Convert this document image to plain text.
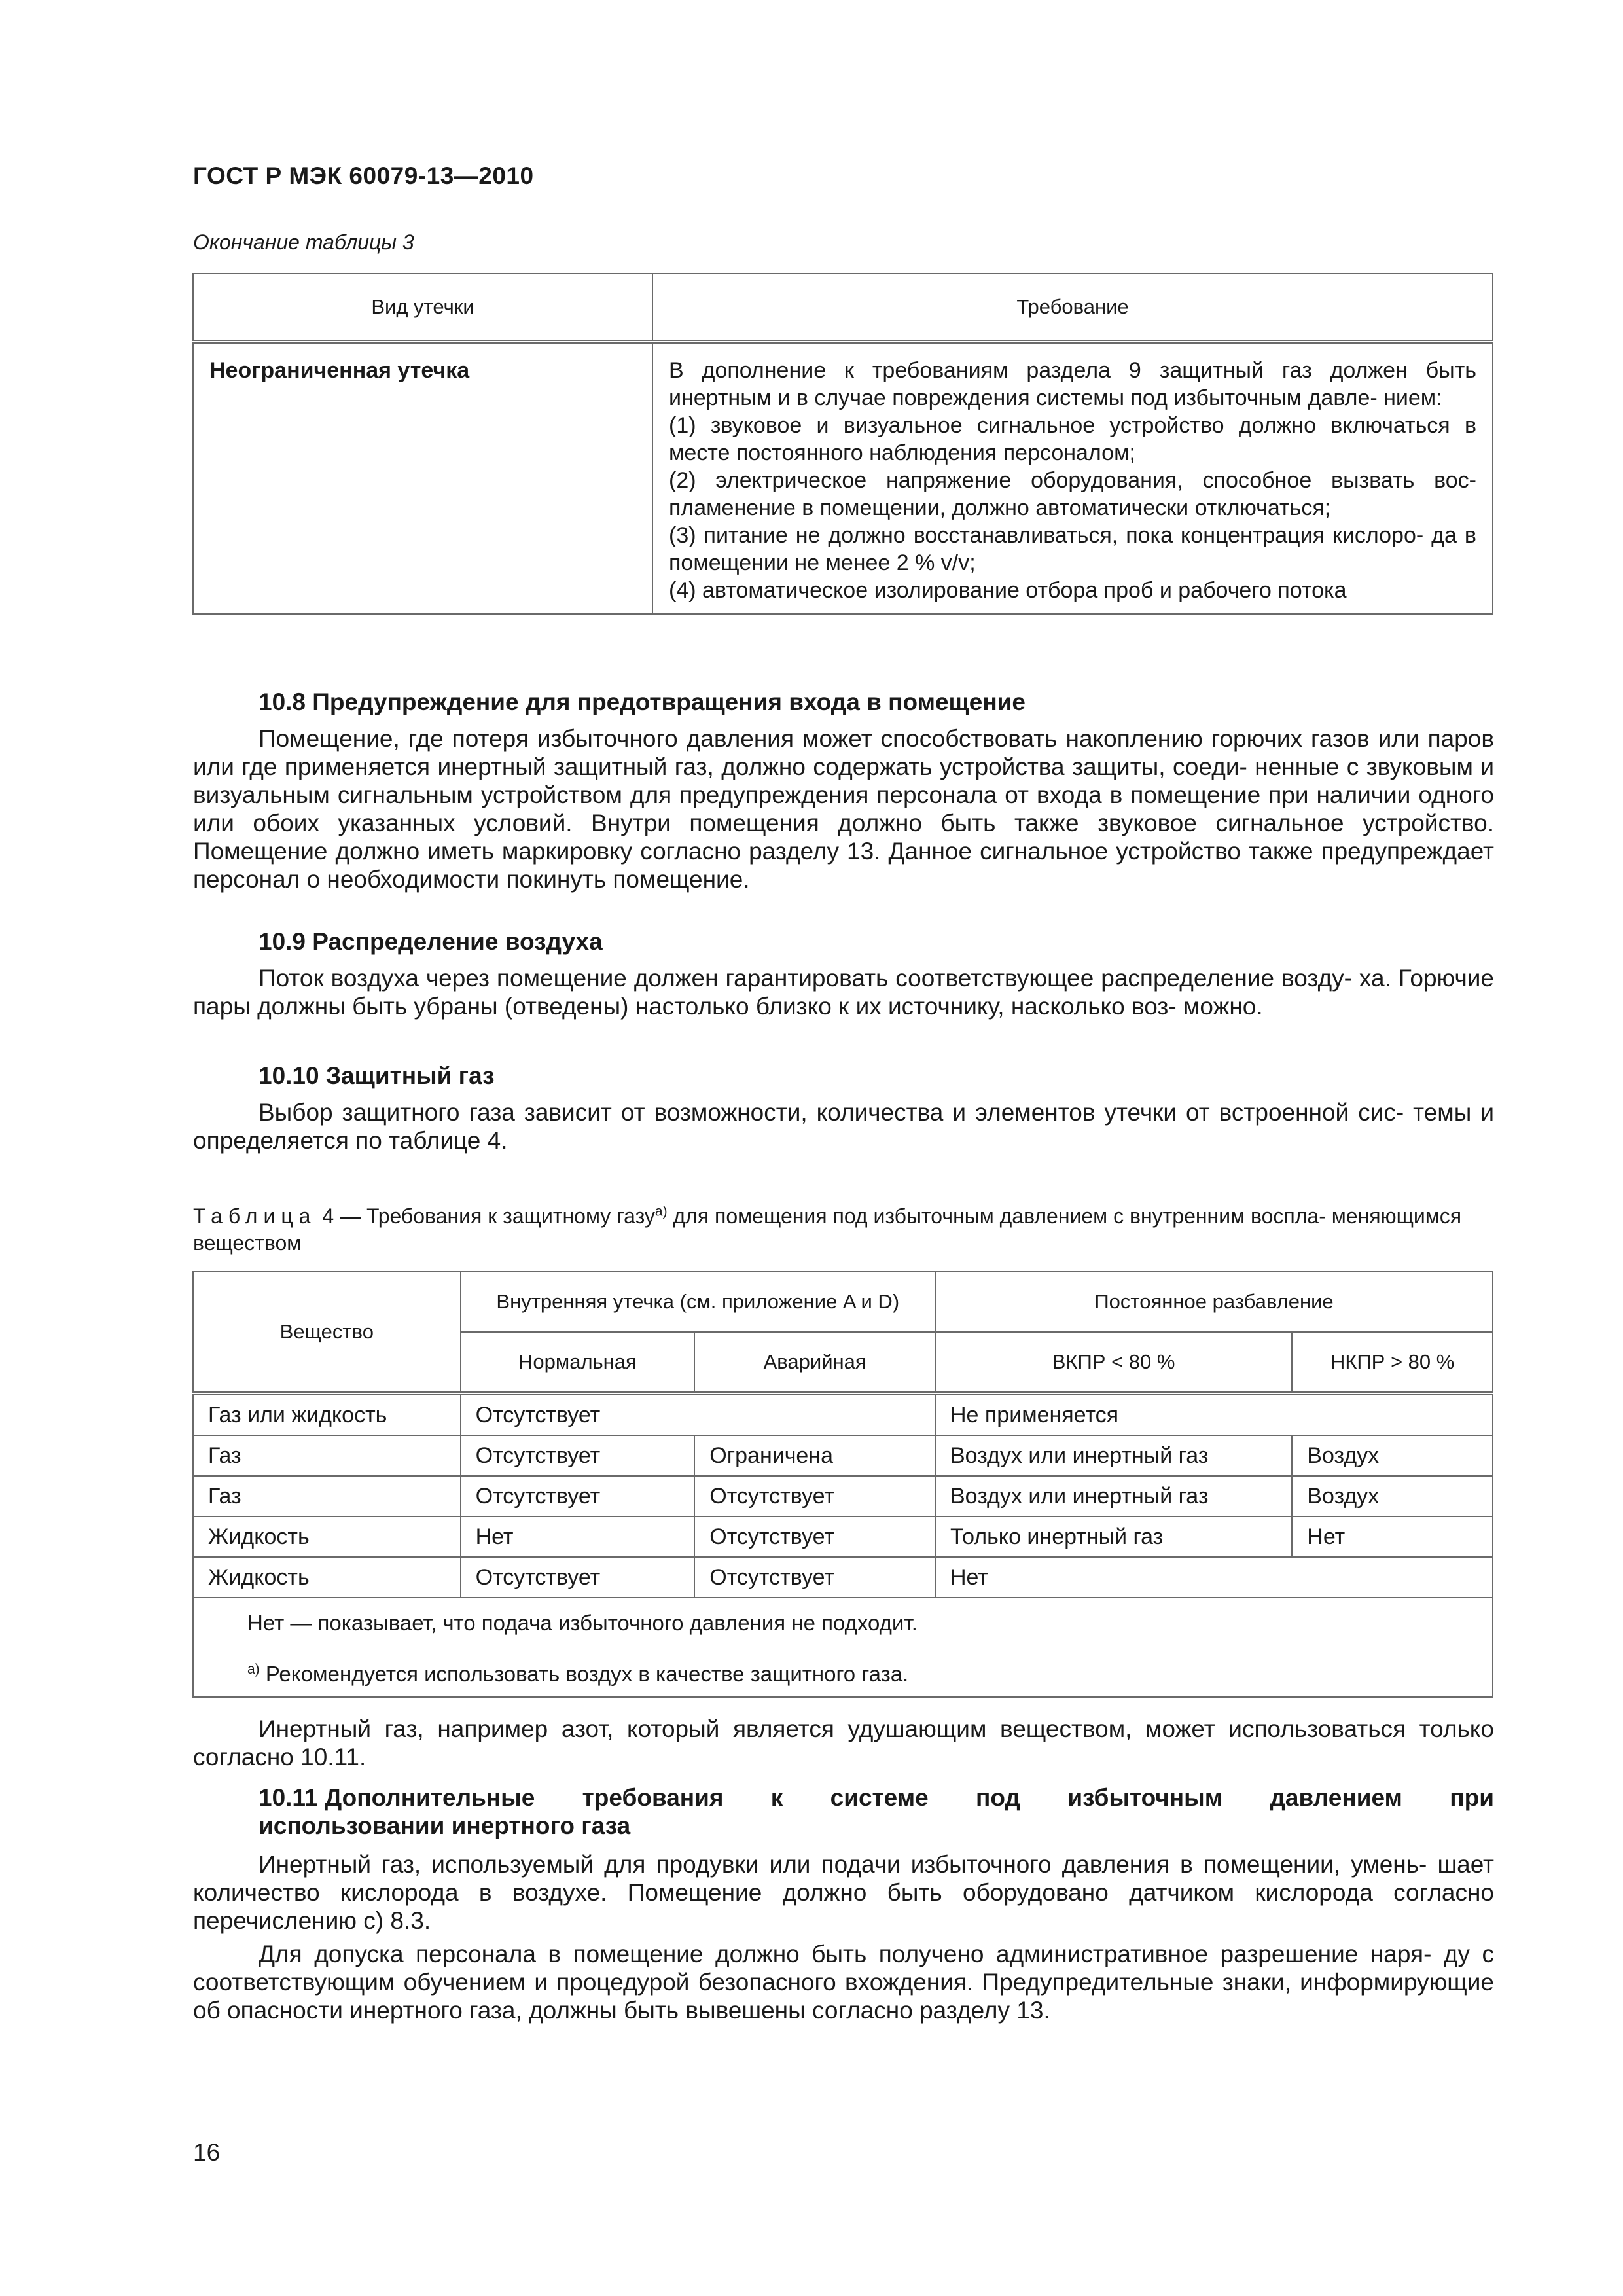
ГОСТ Р МЭК 60079-13—2010
Окончание таблицы 3
Вид утечки	Требование
Неограниченная утечка	В дополнение к требованиям раздела 9 защитный газ должен быть инертным и в случае повреждения системы под избыточным давле- нием:
(1) звуковое и визуальное сигнальное устройство должно включаться в месте постоянного наблюдения персоналом;
(2) электрическое напряжение оборудования, способное вызвать вос- пламенение в помещении, должно автоматически отключаться;
(3) питание не должно восстанавливаться, пока концентрация кислоро- да в помещении не менее 2 % v/v;
(4) автоматическое изолирование отбора проб и рабочего потока
10.8 Предупреждение для предотвращения входа в помещение

Помещение, где потеря избыточного давления может способствовать накоплению горючих газов или паров или где применяется инертный защитный газ, должно содержать устройства защиты, соеди- ненные с звуковым и визуальным сигнальным устройством для предупреждения персонала от входа в помещение при наличии одного или обоих указанных условий. Внутри помещения должно быть также звуковое сигнальное устройство. Помещение должно иметь маркировку согласно разделу 13. Данное сигнальное устройство также предупреждает персонал о необходимости покинуть помещение.

10.9 Распределение воздуха

Поток воздуха через помещение должен гарантировать соответствующее распределение возду- ха. Горючие пары должны быть убраны (отведены) настолько близко к их источнику, насколько воз- можно.

10.10 Защитный газ

Выбор защитного газа зависит от возможности, количества и элементов утечки от встроенной сис- темы и определяется по таблице 4.

Таблица 4 — Требования к защитному газу$^{а)}$ для помещения под избыточным давлением с внутренним воспла- меняющимся веществом
Вещество	Внутренняя утечка (см. приложение A и D)		Постоянное разбавление	
	Нормальная	Аварийная	ВКПР < 80 %	НКПР > 80 %
Газ или жидкость	Отсутствует		Не применяется	
Газ	Отсутствует	Ограничена	Воздух или инертный газ	Воздух
Газ	Отсутствует	Отсутствует	Воздух или инертный газ	Воздух
Жидкость	Нет	Отсутствует	Только инертный газ	Нет
Жидкость	Отсутствует	Отсутствует	Нет	

Нет — показывает, что подача избыточного давления не подходит.
$^{а)}$ Рекомендуется использовать воздух в качестве защитного газа.				

Инертный газ, например азот, который является удушающим веществом, может использоваться только согласно 10.11.

10.11 Дополнительные требования к системе под избыточным давлением при
использовании инертного газа

Инертный газ, используемый для продувки или подачи избыточного давления в помещении, умень- шает количество кислорода в воздухе. Помещение должно быть оборудовано датчиком кислорода согласно перечислению с) 8.3.

Для допуска персонала в помещение должно быть получено административное разрешение наря- ду с соответствующим обучением и процедурой безопасного вхождения. Предупредительные знаки, информирующие об опасности инертного газа, должны быть вывешены согласно разделу 13.

16
